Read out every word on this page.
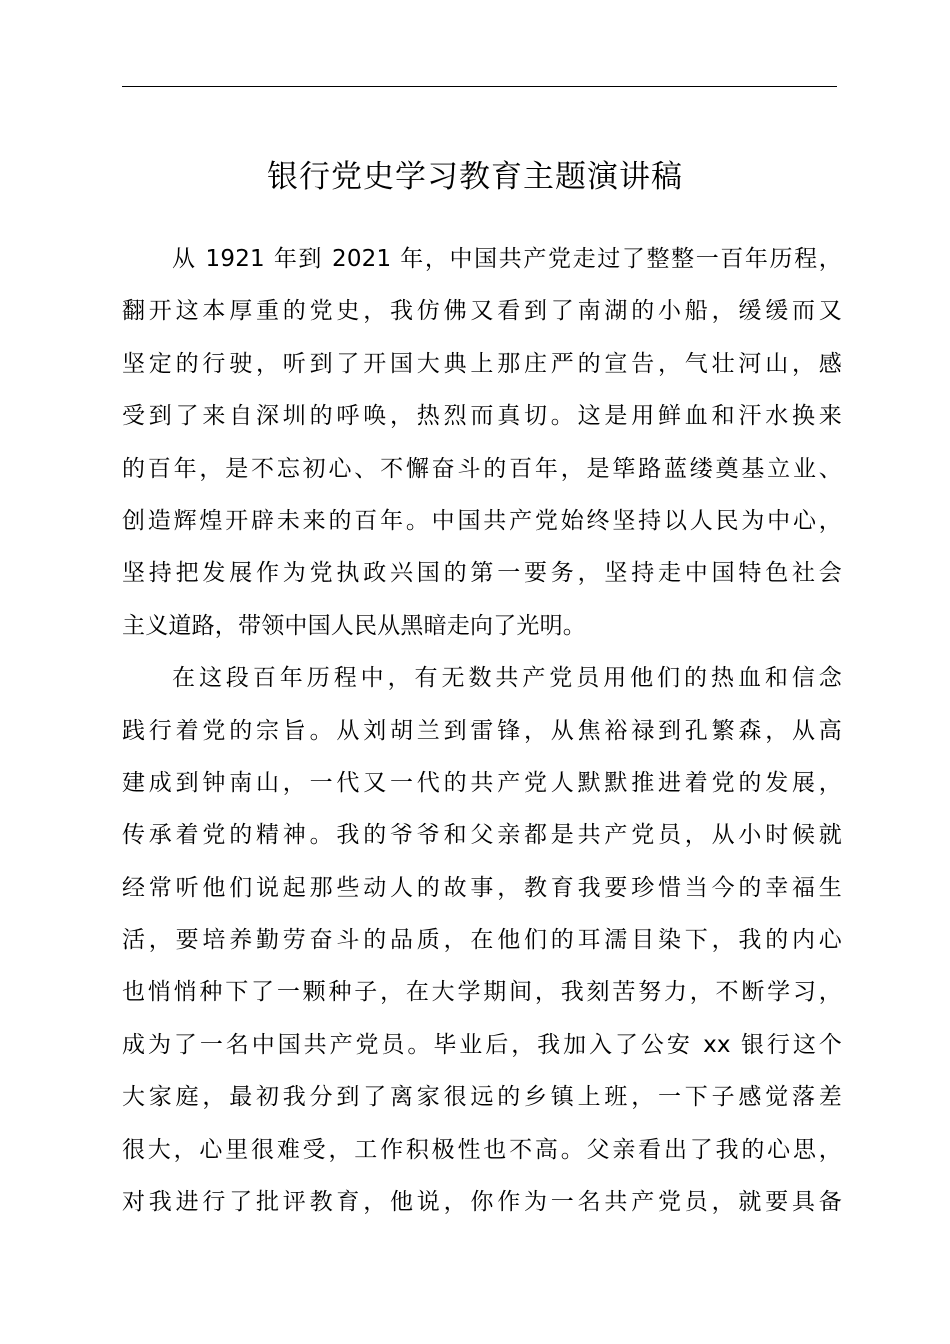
银行党史学习教育主题演讲稿
从 1921 年到 2021 年，中国共产党走过了整整一百年历程，
翻开这本厚重的党史，我仿佛又看到了南湖的小船，缓缓而又
坚定的行驶，听到了开国大典上那庄严的宣告，气壮河山，感
受到了来自深圳的呼唤，热烈而真切。这是用鲜血和汗水换来
的百年，是不忘初心、不懈奋斗的百年，是筚路蓝缕奠基立业、
创造辉煌开辟未来的百年。中国共产党始终坚持以人民为中心，
坚持把发展作为党执政兴国的第一要务，坚持走中国特色社会
主义道路，带领中国人民从黑暗走向了光明。
在这段百年历程中，有无数共产党员用他们的热血和信念
践行着党的宗旨。从刘胡兰到雷锋，从焦裕禄到孔繁森，从高
建成到钟南山，一代又一代的共产党人默默推进着党的发展，
传承着党的精神。我的爷爷和父亲都是共产党员，从小时候就
经常听他们说起那些动人的故事，教育我要珍惜当今的幸福生
活，要培养勤劳奋斗的品质，在他们的耳濡目染下，我的内心
也悄悄种下了一颗种子，在大学期间，我刻苦努力，不断学习，
成为了一名中国共产党员。毕业后，我加入了公安 xx 银行这个
大家庭，最初我分到了离家很远的乡镇上班，一下子感觉落差
很大，心里很难受，工作积极性也不高。父亲看出了我的心思，
对我进行了批评教育，他说，你作为一名共产党员，就要具备
